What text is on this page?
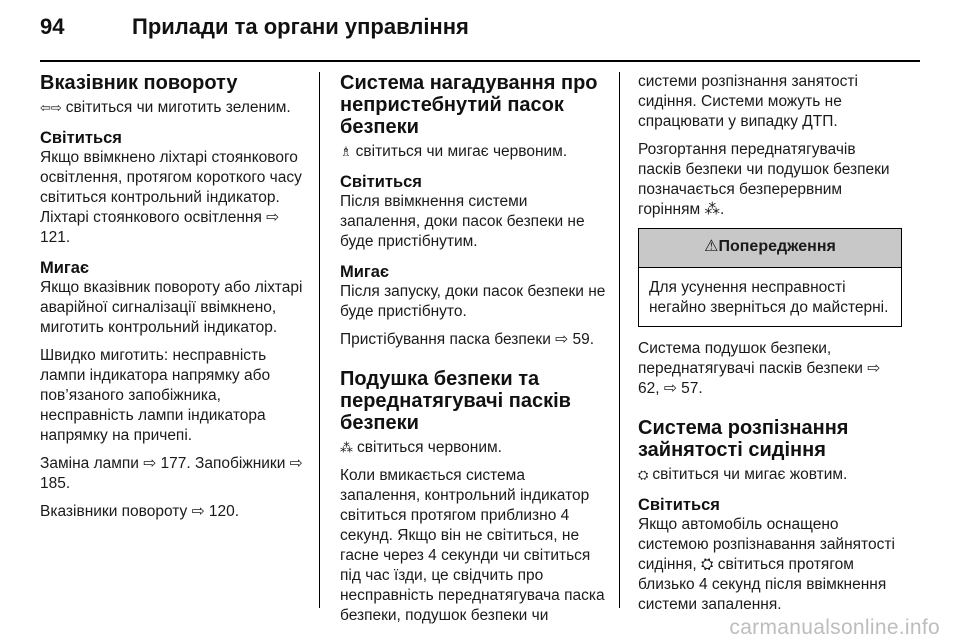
94	Прилади та органи управління
Вказівник повороту

⇦⇨ світиться чи миготить зеленим.

Світиться

Якщо ввімкнено ліхтарі стоянкового освітлення, протягом короткого часу світиться контрольний індикатор. Ліхтарі стоянкового освітлення ⇨ 121.

Мигає

Якщо вказівник повороту або ліхтарі аварійної сигналізації ввімкнено, миготить контрольний індикатор.

Швидко миготить: несправність лампи індикатора напрямку або пов’язаного запобіжника, несправність лампи індикатора напрямку на причепі.

Заміна лампи ⇨ 177. Запобіжники ⇨ 185.

Вказівники повороту ⇨ 120.

Система нагадування про непристебнутий пасок безпеки

♗ світиться чи мигає червоним.

Світиться

Після ввімкнення системи запалення, доки пасок безпеки не буде пристібнутим.

Мигає

Після запуску, доки пасок безпеки не буде пристібнуто.

Пристібування паска безпеки ⇨ 59.

Подушка безпеки та переднатягувачі пасків безпеки

⁂ світиться червоним.

Коли вмикається система запалення, контрольний індикатор світиться протягом приблизно 4 секунд. Якщо він не світиться, не гасне через 4 секунди чи світиться під час їзди, це свідчить про несправність переднатягувача паска безпеки, подушок безпеки чи

системи розпізнання занятості сидіння. Системи можуть не спрацювати у випадку ДТП.

Розгортання переднатягувачів пасків безпеки чи подушок безпеки позначається безперервним горінням ⁂.

⚠Попередження
Для усунення несправності негайно зверніться до майстерні.

Система подушок безпеки, переднатягувачі пасків безпеки ⇨ 62, ⇨ 57.

Система розпізнання зайнятості сидіння

⛭ світиться чи мигає жовтим.

Світиться

Якщо автомобіль оснащено системою розпізнавання зайнятості сидіння, ⛭ світиться протягом близько 4 секунд після ввімкнення системи запалення.

carmanualsonline.info
